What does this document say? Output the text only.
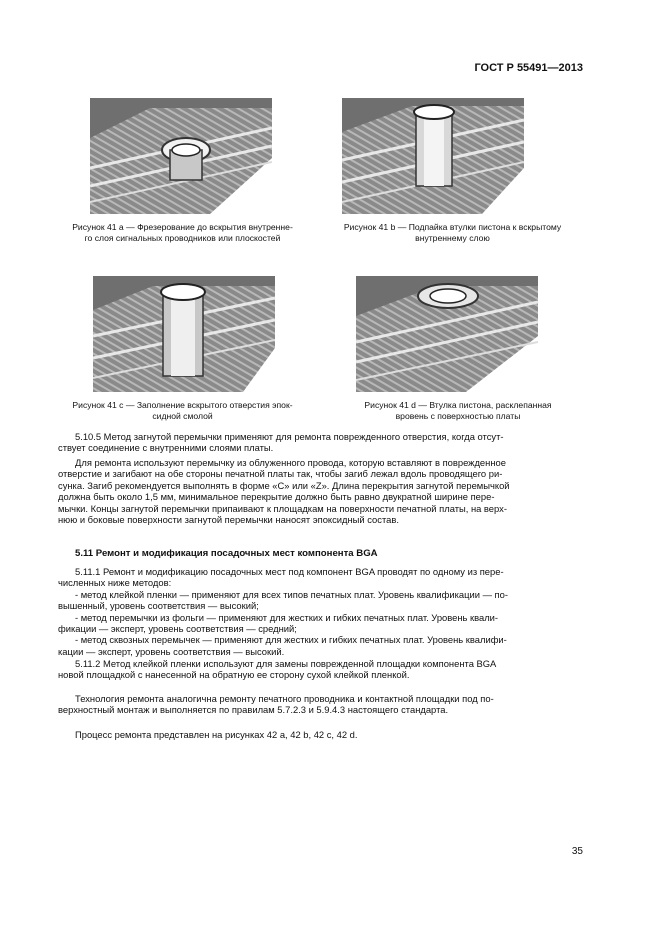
ГОСТ Р 55491—2013
Рисунок 41 a — Фрезерование до вскрытия внутренне-
го слоя сигнальных проводников или плоскостей
Рисунок 41 b — Подпайка втулки пистона к вскрытому
внутреннему слою
Рисунок 41 c — Заполнение вскрытого отверстия эпок-
сидной смолой
Рисунок 41 d — Втулка пистона, расклепанная
вровень с поверхностью платы

5.10.5 Метод загнутой перемычки применяют для ремонта поврежденного отверстия, когда отсут-

ствует соединение с внутренними слоями платы.

Для ремонта используют перемычку из облуженного провода, которую вставляют в поврежденное

отверстие и загибают на обе стороны печатной платы так, чтобы загиб лежал вдоль проводящего ри-

сунка. Загиб рекомендуется выполнять в форме «С» или «Z». Длина перекрытия загнутой перемычкой

должна быть около 1,5 мм, минимальное перекрытие должно быть равно двукратной ширине пере-

мычки. Концы загнутой перемычки припаивают к площадкам на поверхности печатной платы, на верх-

нюю и боковые поверхности загнутой перемычки наносят эпоксидный состав.

5.11 Ремонт и модификация посадочных мест компонента BGA

5.11.1 Ремонт и модификацию посадочных мест под компонент BGA проводят по одному из пере-

численных ниже методов:

- метод клейкой пленки — применяют для всех типов печатных плат. Уровень квалификации — по-

вышенный, уровень соответствия — высокий;

- метод перемычки из фольги — применяют для жестких и гибких печатных плат. Уровень квали-

фикации — эксперт, уровень соответствия — средний;

- метод сквозных перемычек — применяют для жестких и гибких печатных плат. Уровень квалифи-

кации — эксперт, уровень соответствия — высокий.

5.11.2 Метод клейкой пленки используют для замены поврежденной площадки компонента BGA

новой площадкой с нанесенной на обратную ее сторону сухой клейкой пленкой.

Технология ремонта аналогична ремонту печатного проводника и контактной площадки под по-

верхностный монтаж и выполняется по правилам 5.7.2.3 и 5.9.4.3 настоящего стандарта.

Процесс ремонта представлен на рисунках 42 a, 42 b, 42 c, 42 d.

35
